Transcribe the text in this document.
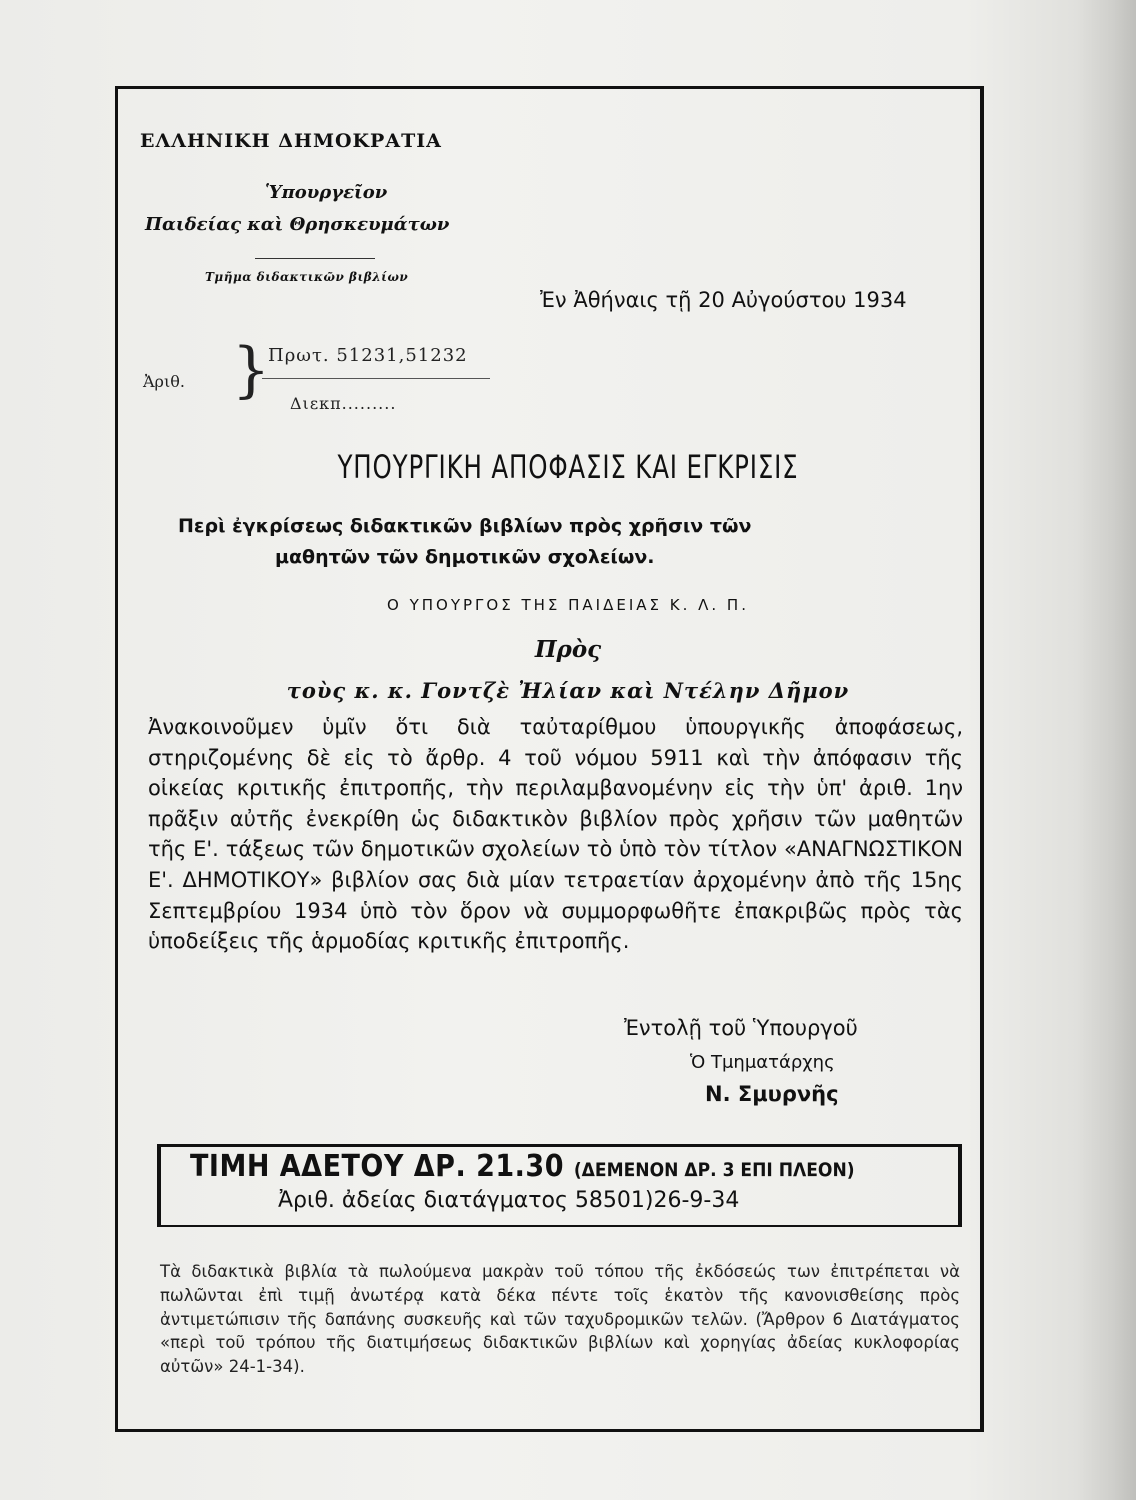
ΕΛΛΗΝΙΚΗ ΔΗΜΟΚΡΑΤΙΑ
Ὑπουργεῖον
Παιδείας καὶ Θρησκευμάτων
Τμῆμα διδακτικῶν βιβλίων
Ἐν Ἀθήναις τῇ 20 Αὐγούστου 1934
Ἀριθ. }
Πρωτ. 51231,51232
Διεκπ.........
ΥΠΟΥΡΓΙΚΗ ΑΠΟΦΑΣΙΣ ΚΑΙ ΕΓΚΡΙΣΙΣ
Περὶ ἐγκρίσεως διδακτικῶν βιβλίων πρὸς χρῆσιν τῶν
μαθητῶν τῶν δημοτικῶν σχολείων.
Ο ΥΠΟΥΡΓΟΣ ΤΗΣ ΠΑΙΔΕΙΑΣ Κ. Λ. Π.
Πρὸς
τοὺς κ. κ. Γοντζὲ Ἠλίαν καὶ Ντέλην Δῆμον
Ἀνακοινοῦμεν ὑμῖν ὅτι διὰ ταὐταρίθμου ὑπουργικῆς ἀποφάσεως, στηριζομένης δὲ εἰς τὸ ἄρθρ. 4 τοῦ νόμου 5911 καὶ τὴν ἀπόφασιν τῆς οἰκείας κριτικῆς ἐπιτροπῆς, τὴν περιλαμβανομένην εἰς τὴν ὑπ' ἀριθ. 1ην πρᾶξιν αὐτῆς ἐνεκρίθη ὡς διδακτικὸν βιβλίον πρὸς χρῆσιν τῶν μαθητῶν τῆς Ε'. τάξεως τῶν δημοτικῶν σχολείων τὸ ὑπὸ τὸν τίτλον «ΑΝΑΓΝΩΣΤΙΚΟΝ Ε'. ΔΗΜΟΤΙΚΟΥ» βιβλίον σας διὰ μίαν τετραετίαν ἀρχομένην ἀπὸ τῆς 15ης Σεπτεμβρίου 1934 ὑπὸ τὸν ὅρον νὰ συμμορφωθῆτε ἐπακριβῶς πρὸς τὰς ὑποδείξεις τῆς ἁρμοδίας κριτικῆς ἐπιτροπῆς.
Ἐντολῇ τοῦ Ὑπουργοῦ
Ὁ Τμηματάρχης
Ν. Σμυρνῆς
ΤΙΜΗ ΑΔΕΤΟΥ ΔΡ. 21.30 (ΔΕΜΕΝΟΝ ΔΡ. 3 ΕΠΙ ΠΛΕΟΝ)
Ἀριθ. ἀδείας διατάγματος 58501)26-9-34
Τὰ διδακτικὰ βιβλία τὰ πωλούμενα μακρὰν τοῦ τόπου τῆς ἐκδόσεώς των ἐπιτρέπεται νὰ πωλῶνται ἐπὶ τιμῇ ἀνωτέρᾳ κατὰ δέκα πέντε τοῖς ἑκατὸν τῆς κανονισθείσης πρὸς ἀντιμετώπισιν τῆς δαπάνης συσκευῆς καὶ τῶν ταχυδρομικῶν τελῶν. (Ἄρθρον 6 Διατάγματος «περὶ τοῦ τρόπου τῆς διατιμήσεως διδακτικῶν βιβλίων καὶ χορηγίας ἀδείας κυκλοφορίας αὐτῶν» 24-1-34).
